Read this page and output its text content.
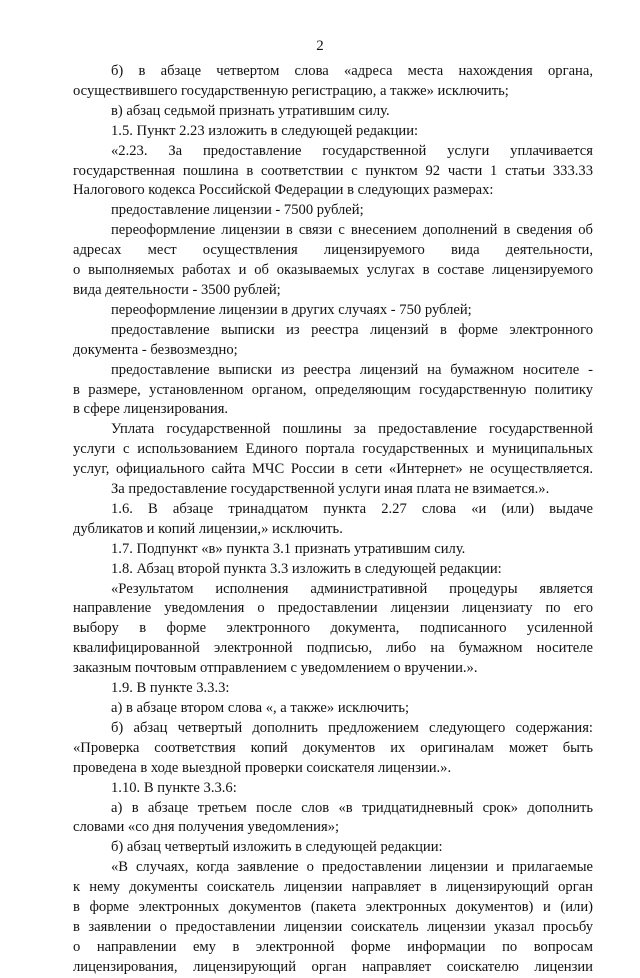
2

б) в абзаце четвертом слова «адреса места нахождения органа,

осуществившего государственную регистрацию, а также» исключить;

в) абзац седьмой признать утратившим силу.

1.5. Пункт 2.23 изложить в следующей редакции:

«2.23. За предоставление государственной услуги уплачивается

государственная пошлина в соответствии с пунктом 92 части 1 статьи 333.33

Налогового кодекса Российской Федерации в следующих размерах:

предоставление лицензии - 7500 рублей;

переоформление лицензии в связи с внесением дополнений в сведения об

адресах мест осуществления лицензируемого вида деятельности,

о выполняемых работах и об оказываемых услугах в составе лицензируемого

вида деятельности - 3500 рублей;

переоформление лицензии в других случаях - 750 рублей;

предоставление выписки из реестра лицензий в форме электронного

документа - безвозмездно;

предоставление выписки из реестра лицензий на бумажном носителе -

в размере, установленном органом, определяющим государственную политику

в сфере лицензирования.

Уплата государственной пошлины за предоставление государственной

услуги с использованием Единого портала государственных и муниципальных

услуг, официального сайта МЧС России в сети «Интернет» не осуществляется.

За предоставление государственной услуги иная плата не взимается.».

1.6. В абзаце тринадцатом пункта 2.27 слова «и (или) выдаче

дубликатов и копий лицензии,» исключить.

1.7. Подпункт «в» пункта 3.1 признать утратившим силу.

1.8. Абзац второй пункта 3.3 изложить в следующей редакции:

«Результатом исполнения административной процедуры является

направление уведомления о предоставлении лицензии лицензиату по его

выбору в форме электронного документа, подписанного усиленной

квалифицированной электронной подписью, либо на бумажном носителе

заказным почтовым отправлением с уведомлением о вручении.».

1.9. В пункте 3.3.3:

а) в абзаце втором слова «, а также» исключить;

б) абзац четвертый дополнить предложением следующего содержания:

«Проверка соответствия копий документов их оригиналам может быть

проведена в ходе выездной проверки соискателя лицензии.».

1.10. В пункте 3.3.6:

а) в абзаце третьем после слов «в тридцатидневный срок» дополнить

словами «со дня получения уведомления»;

б) абзац четвертый изложить в следующей редакции:

«В случаях, когда заявление о предоставлении лицензии и прилагаемые

к нему документы соискатель лицензии направляет в лицензирующий орган

в форме электронных документов (пакета электронных документов) и (или)

в заявлении о предоставлении лицензии соискатель лицензии указал просьбу

о направлении ему в электронной форме информации по вопросам

лицензирования, лицензирующий орган направляет соискателю лицензии
